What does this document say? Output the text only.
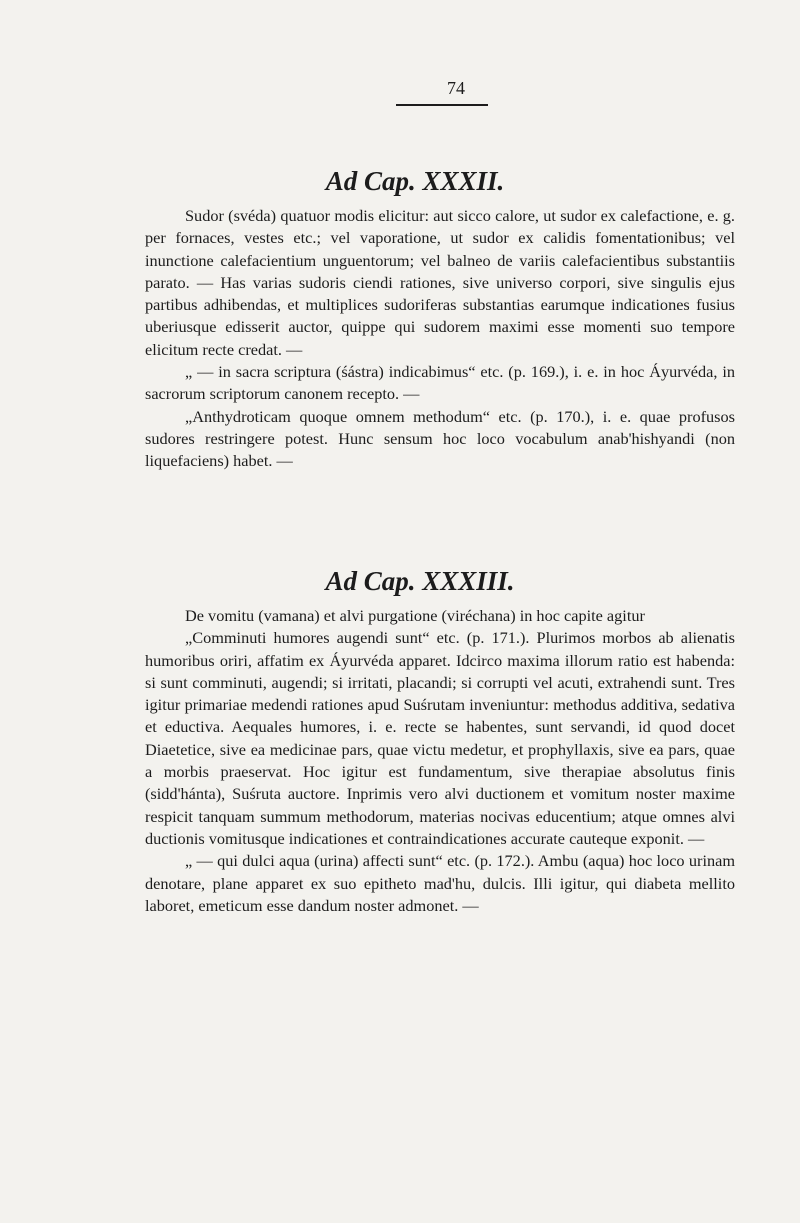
74
Ad Cap. XXXII.

Sudor (svéda) quatuor modis elicitur: aut sicco calore, ut sudor ex calefactione, e. g. per fornaces, vestes etc.; vel vaporatione, ut sudor ex calidis fomentationibus; vel inunctione calefacientium unguentorum; vel balneo de variis calefacientibus substantiis parato. — Has varias sudoris ciendi rationes, sive universo corpori, sive singulis ejus partibus adhibendas, et multiplices sudoriferas substantias earumque indicationes fusius uberiusque edisserit auctor, quippe qui sudorem maximi esse momenti suo tempore elicitum recte credat. —

„ — in sacra scriptura (śástra) indicabimus“ etc. (p. 169.), i. e. in hoc Áyurvéda, in sacrorum scriptorum canonem recepto. —

„Anthydroticam quoque omnem methodum“ etc. (p. 170.), i. e. quae profusos sudores restringere potest. Hunc sensum hoc loco vocabulum anab'hishyandi (non liquefaciens) habet. —

Ad Cap. XXXIII.

De vomitu (vamana) et alvi purgatione (viréchana) in hoc capite agitur

„Comminuti humores augendi sunt“ etc. (p. 171.). Plurimos morbos ab alienatis humoribus oriri, affatim ex Áyurvéda apparet. Idcirco maxima illorum ratio est habenda: si sunt comminuti, augendi; si irritati, placandi; si corrupti vel acuti, extrahendi sunt. Tres igitur primariae medendi rationes apud Suśrutam inveniuntur: methodus additiva, sedativa et eductiva. Aequales humores, i. e. recte se habentes, sunt servandi, id quod docet Diaetetice, sive ea medicinae pars, quae victu medetur, et prophyllaxis, sive ea pars, quae a morbis praeservat. Hoc igitur est fundamentum, sive therapiae absolutus finis (sidd'hánta), Suśruta auctore. Inprimis vero alvi ductionem et vomitum noster maxime respicit tanquam summum methodorum, materias nocivas educentium; atque omnes alvi ductionis vomitusque indicationes et contraindicationes accurate cauteque exponit. —

„ — qui dulci aqua (urina) affecti sunt“ etc. (p. 172.). Ambu (aqua) hoc loco urinam denotare, plane apparet ex suo epitheto mad'hu, dulcis. Illi igitur, qui diabeta mellito laboret, emeticum esse dandum noster admonet. —
